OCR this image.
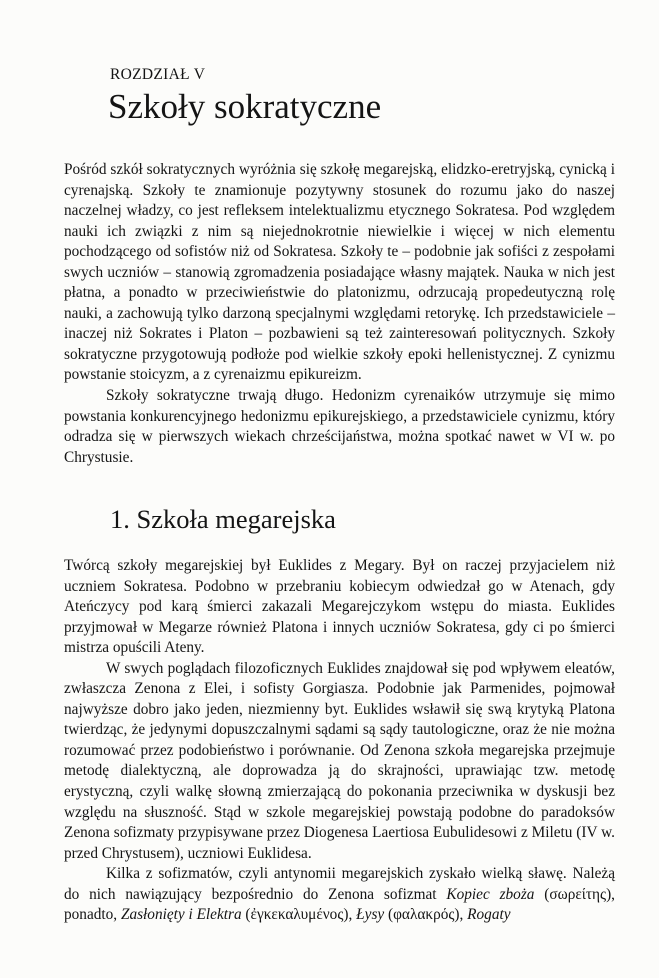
ROZDZIAŁ V
Szkoły sokratyczne

Pośród szkół sokratycznych wyróżnia się szkołę megarejską, elidzko-eretryjską, cynicką i cyrenajską. Szkoły te znamionuje pozytywny stosunek do rozumu jako do naszej naczelnej władzy, co jest refleksem intelektualizmu etycznego Sokratesa. Pod względem nauki ich związki z nim są niejednokrotnie niewielkie i więcej w nich elementu pochodzącego od sofistów niż od Sokratesa. Szkoły te – podobnie jak sofiści z zespołami swych uczniów – stanowią zgromadzenia posiadające własny majątek. Nauka w nich jest płatna, a ponadto w przeciwieństwie do platonizmu, odrzucają propedeutyczną rolę nauki, a zachowują tylko darzoną specjalnymi względami retorykę. Ich przedstawiciele – inaczej niż Sokrates i Platon – pozbawieni są też zainteresowań politycznych. Szkoły sokratyczne przygotowują podłoże pod wielkie szkoły epoki hellenistycznej. Z cynizmu powstanie stoicyzm, a z cyrenaizmu epikureizm.

Szkoły sokratyczne trwają długo. Hedonizm cyrenaików utrzymuje się mimo powstania konkurencyjnego hedonizmu epikurejskiego, a przedstawiciele cynizmu, który odradza się w pierwszych wiekach chrześcijaństwa, można spotkać nawet w VI w. po Chrystusie.

1. Szkoła megarejska

Twórcą szkoły megarejskiej był Euklides z Megary. Był on raczej przyjacielem niż uczniem Sokratesa. Podobno w przebraniu kobiecym odwiedzał go w Atenach, gdy Ateńczycy pod karą śmierci zakazali Megarejczykom wstępu do miasta. Euklides przyjmował w Megarze również Platona i innych uczniów Sokratesa, gdy ci po śmierci mistrza opuścili Ateny.

W swych poglądach filozoficznych Euklides znajdował się pod wpływem eleatów, zwłaszcza Zenona z Elei, i sofisty Gorgiasza. Podobnie jak Parmenides, pojmował najwyższe dobro jako jeden, niezmienny byt. Euklides wsławił się swą krytyką Platona twierdząc, że jedynymi dopuszczalnymi sądami są sądy tautologiczne, oraz że nie można rozumować przez podobieństwo i porównanie. Od Zenona szkoła megarejska przejmuje metodę dialektyczną, ale doprowadza ją do skrajności, uprawiając tzw. metodę erystyczną, czyli walkę słowną zmierzającą do pokonania przeciwnika w dyskusji bez względu na słuszność. Stąd w szkole megarejskiej powstają podobne do paradoksów Zenona sofizmaty przypisywane przez Diogenesa Laertiosa Eubulidesowi z Miletu (IV w. przed Chrystusem), uczniowi Euklidesa.

Kilka z sofizmatów, czyli antynomii megarejskich zyskało wielką sławę. Należą do nich nawiązujący bezpośrednio do Zenona sofizmat Kopiec zboża (σωρείτης), ponadto, Zasłonięty i Elektra (ἐγκεκαλυμένος), Łysy (φαλακρός), Rogaty
